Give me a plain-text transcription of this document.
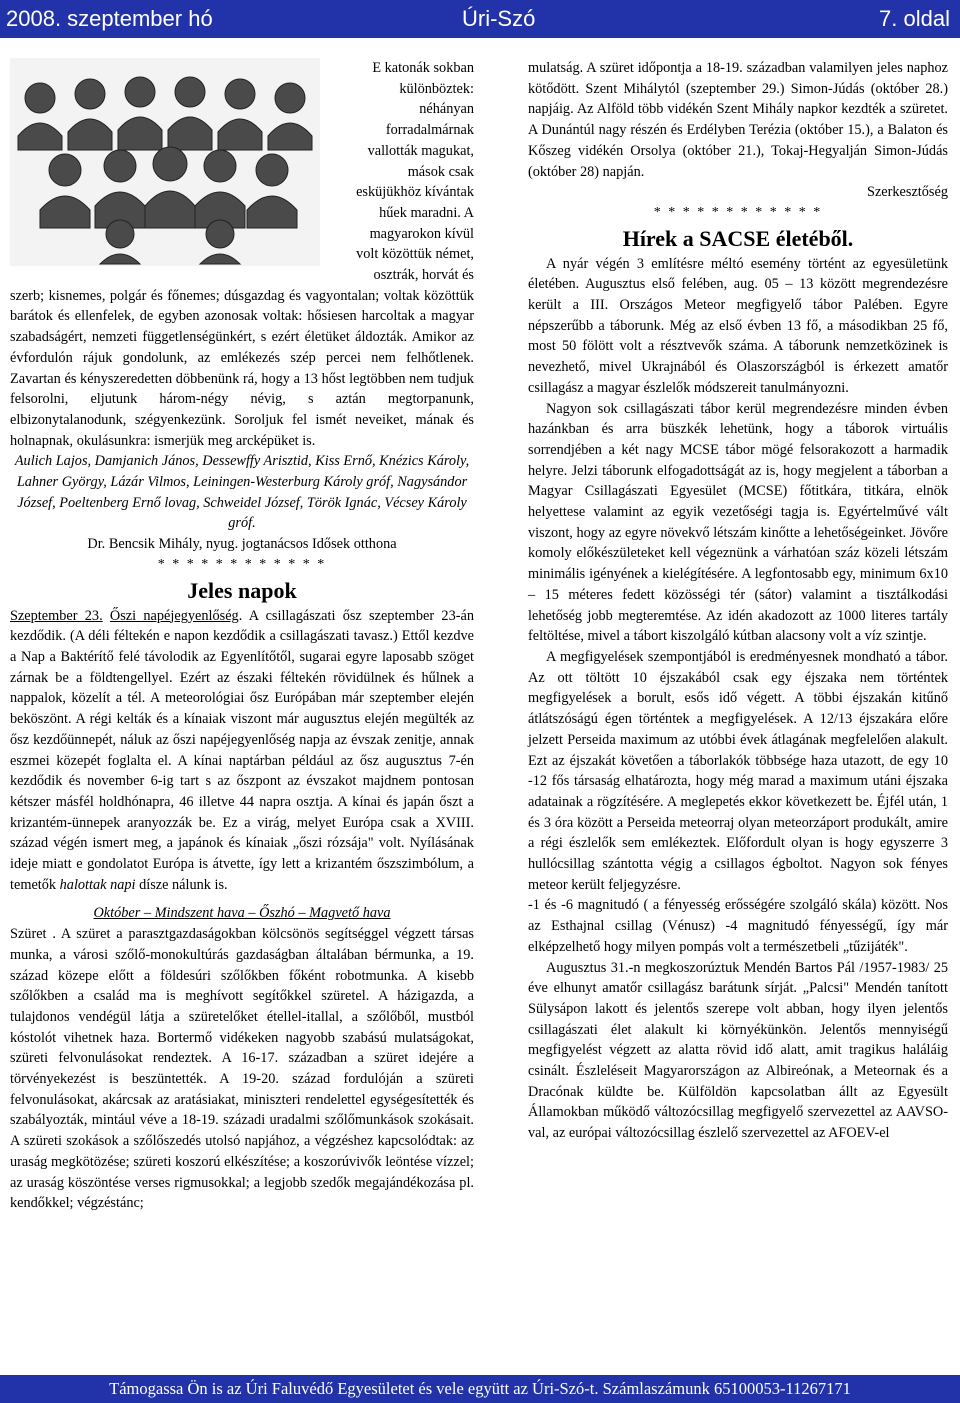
2008. szeptember hó	Úri-Szó	7. oldal
E katonák sokban
különböztek:
néhányan
forradalmárnak
vallották magukat,
mások csak
esküjükhöz kívántak
hűek maradni. A
magyarokon kívül
volt közöttük német,
osztrák, horvát és

szerb; kisnemes, polgár és főnemes; dúsgazdag és vagyontalan; voltak közöttük barátok és ellenfelek, de egyben azonosak voltak: hősiesen harcoltak a magyar szabadságért, nemzeti függetlenségünkért, s ezért életüket áldozták. Amikor az évfordulón rájuk gondolunk, az emlékezés szép percei nem felhőtlenek. Zavartan és kényszeredetten döbbenünk rá, hogy a 13 hőst legtöbben nem tudjuk felsorolni, eljutunk három-négy névig, s aztán megtorpanunk, elbizonytalanodunk, szégyenkezünk. Soroljuk fel ismét neveiket, mának és holnapnak, okulásunkra: ismerjük meg arcképüket is.

Aulich Lajos, Damjanich János, Dessewffy Arisztid, Kiss Ernő, Knézics Károly, Lahner György, Lázár Vilmos, Leiningen-Westerburg Károly gróf, Nagysándor József, Poeltenberg Ernő lovag, Schweidel József, Török Ignác, Vécsey Károly gróf.

Dr. Bencsik Mihály, nyug. jogtanácsos Idősek otthona

* * * * * * * * * * * *

Jeles napok

Szeptember 23. Őszi napéjegyenlőség. A csillagászati ősz szeptember 23-án kezdődik. (A déli féltekén e napon kezdődik a csillagászati tavasz.) Ettől kezdve a Nap a Baktérítő felé távolodik az Egyenlítőtől, sugarai egyre laposabb szöget zárnak be a földtengellyel. Ezért az északi féltekén rövidülnek és hűlnek a nappalok, közelít a tél. A meteorológiai ősz Európában már szeptember elején beköszönt. A régi kelták és a kínaiak viszont már augusztus elején megülték az ősz kezdőünnepét, náluk az őszi napéjegyenlőség napja az évszak zenitje, annak eszmei közepét foglalta el. A kínai naptárban például az ősz augusztus 7-én kezdődik és november 6-ig tart s az őszpont az évszakot majdnem pontosan kétszer másfél holdhónapra, 46 illetve 44 napra osztja. A kínai és japán őszt a krizantém-ünnepek aranyozzák be. Ez a virág, melyet Európa csak a XVIII. század végén ismert meg, a japánok és kínaiak „őszi rózsája" volt. Nyílásának ideje miatt e gondolatot Európa is átvette, így lett a krizantém őszszimbólum, a temetők halottak napi dísze nálunk is.

Október – Mindszent hava – Őszhó – Magvető hava

Szüret . A szüret a parasztgazdaságokban kölcsönös segítséggel végzett társas munka, a városi szőlő-monokultúrás gazdaságban általában bérmunka, a 19. század közepe előtt a földesúri szőlőkben főként robotmunka. A kisebb szőlőkben a család ma is meghívott segítőkkel szüretel. A házigazda, a tulajdonos vendégül látja a szüretelőket étellel-itallal, a szőlőből, mustból kóstolót vihetnek haza. Bortermő vidékeken nagyobb szabású mulatságokat, szüreti felvonulásokat rendeztek. A 16-17. században a szüret idejére a törvényekezést is beszüntették. A 19-20. század fordulóján a szüreti felvonulásokat, akárcsak az aratásiakat, miniszteri rendelettel egységesítették és szabályozták, mintául véve a 18-19. századi uradalmi szőlőmunkások szokásait. A szüreti szokások a szőlőszedés utolsó napjához, a végzéshez kapcsolódtak: az uraság megkötözése; szüreti koszorú elkészítése; a koszorúvivők leöntése vízzel; az uraság köszöntése verses rigmusokkal; a legjobb szedők megajándékozása pl. kendőkkel; végzéstánc;

mulatság. A szüret időpontja a 18-19. században valamilyen jeles naphoz kötődött. Szent Mihálytól (szeptember 29.) Simon-Júdás (október 28.) napjáig. Az Alföld több vidékén Szent Mihály napkor kezdték a szüretet. A Dunántúl nagy részén és Erdélyben Terézia (október 15.), a Balaton és Kőszeg vidékén Orsolya (október 21.), Tokaj-Hegyalján Simon-Júdás (október 28) napján.

Szerkesztőség

* * * * * * * * * * * *

Hírek a SACSE életéből.

A nyár végén 3 említésre méltó esemény történt az egyesületünk életében. Augusztus első felében, aug. 05 – 13 között megrendezésre került a III. Országos Meteor megfigyelő tábor Palében. Egyre népszerűbb a táborunk. Még az első évben 13 fő, a másodikban 25 fő, most 50 fölött volt a résztvevők száma. A táborunk nemzetközinek is nevezhető, mivel Ukrajnából és Olaszországból is érkezett amatőr csillagász a magyar észlelők módszereit tanulmányozni.

Nagyon sok csillagászati tábor kerül megrendezésre minden évben hazánkban és arra büszkék lehetünk, hogy a táborok virtuális sorrendjében a két nagy MCSE tábor mögé felsorakozott a harmadik helyre. Jelzi táborunk elfogadottságát az is, hogy megjelent a táborban a Magyar Csillagászati Egyesület (MCSE) főtitkára, titkára, elnök helyettese valamint az egyik vezetőségi tagja is. Egyértelművé vált viszont, hogy az egyre növekvő létszám kinőtte a lehetőségeinket. Jövőre komoly előkészületeket kell végeznünk a várhatóan száz közeli létszám minimális igényének a kielégítésére. A legfontosabb egy, minimum 6x10 – 15 méteres fedett közösségi tér (sátor) valamint a tisztálkodási lehetőség jobb megteremtése. Az idén akadozott az 1000 literes tartály feltöltése, mivel a tábort kiszolgáló kútban alacsony volt a víz szintje.

A megfigyelések szempontjából is eredményesnek mondható a tábor. Az ott töltött 10 éjszakából csak egy éjszaka nem történtek megfigyelések a borult, esős idő végett. A többi éjszakán kitűnő átlátszóságú égen történtek a megfigyelések. A 12/13 éjszakára előre jelzett Perseida maximum az utóbbi évek átlagának megfelelően alakult. Ezt az éjszakát követően a táborlakók többsége haza utazott, de egy 10 -12 fős társaság elhatározta, hogy még marad a maximum utáni éjszaka adatainak a rögzítésére. A meglepetés ekkor következett be. Éjfél után, 1 és 3 óra között a Perseida meteorraj olyan meteorzáport produkált, amire a régi észlelők sem emlékeztek. Előfordult olyan is hogy egyszerre 3 hullócsillag szántotta végig a csillagos égboltot. Nagyon sok fényes meteor került feljegyzésre.

-1 és -6 magnitudó ( a fényesség erősségére szolgáló skála) között. Nos az Esthajnal csillag (Vénusz) -4 magnitudó fényességű, így már elképzelhető hogy milyen pompás volt a természetbeli „tűzijáték".

Augusztus 31.-n megkoszorúztuk Mendén Bartos Pál /1957-1983/ 25 éve elhunyt amatőr csillagász barátunk sírját. „Palcsi" Mendén tanított Sülysápon lakott és jelentős szerepe volt abban, hogy ilyen jelentős csillagászati élet alakult ki környékünkön. Jelentős mennyiségű megfigyelést végzett az alatta rövid idő alatt, amit tragikus haláláig csinált. Észleléseit Magyarországon az Albireónak, a Meteornak és a Dracónak küldte be. Külföldön kapcsolatban állt az Egyesült Államokban működő változócsillag megfigyelő szervezettel az AAVSO-val, az európai változócsillag észlelő szervezettel az AFOEV-el

Támogassa Ön is az Úri Faluvédő Egyesületet és vele együtt az Úri-Szó-t. Számlaszámunk 65100053-11267171
